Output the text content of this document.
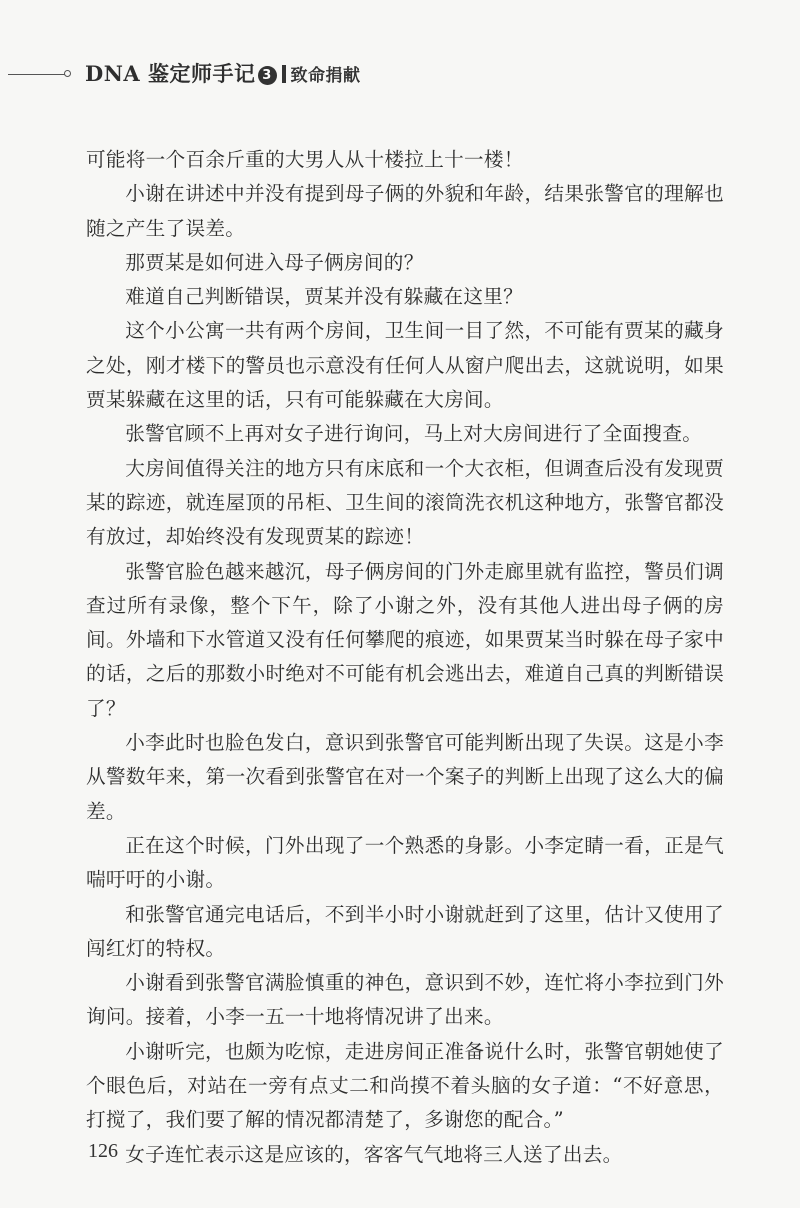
DNA 鉴定师手记 3 致命捐献

可能将一个百余斤重的大男人从十楼拉上十一楼！

小谢在讲述中并没有提到母子俩的外貌和年龄，结果张警官的理解也随之产生了误差。

那贾某是如何进入母子俩房间的？

难道自己判断错误，贾某并没有躲藏在这里？

这个小公寓一共有两个房间，卫生间一目了然，不可能有贾某的藏身之处，刚才楼下的警员也示意没有任何人从窗户爬出去，这就说明，如果贾某躲藏在这里的话，只有可能躲藏在大房间。

张警官顾不上再对女子进行询问，马上对大房间进行了全面搜查。

大房间值得关注的地方只有床底和一个大衣柜，但调查后没有发现贾某的踪迹，就连屋顶的吊柜、卫生间的滚筒洗衣机这种地方，张警官都没有放过，却始终没有发现贾某的踪迹！

张警官脸色越来越沉，母子俩房间的门外走廊里就有监控，警员们调查过所有录像，整个下午，除了小谢之外，没有其他人进出母子俩的房间。外墙和下水管道又没有任何攀爬的痕迹，如果贾某当时躲在母子家中的话，之后的那数小时绝对不可能有机会逃出去，难道自己真的判断错误了？

小李此时也脸色发白，意识到张警官可能判断出现了失误。这是小李从警数年来，第一次看到张警官在对一个案子的判断上出现了这么大的偏差。

正在这个时候，门外出现了一个熟悉的身影。小李定睛一看，正是气喘吁吁的小谢。

和张警官通完电话后，不到半小时小谢就赶到了这里，估计又使用了闯红灯的特权。

小谢看到张警官满脸慎重的神色，意识到不妙，连忙将小李拉到门外询问。接着，小李一五一十地将情况讲了出来。

小谢听完，也颇为吃惊，走进房间正准备说什么时，张警官朝她使了个眼色后，对站在一旁有点丈二和尚摸不着头脑的女子道：“不好意思，打搅了，我们要了解的情况都清楚了，多谢您的配合。”

女子连忙表示这是应该的，客客气气地将三人送了出去。

126
